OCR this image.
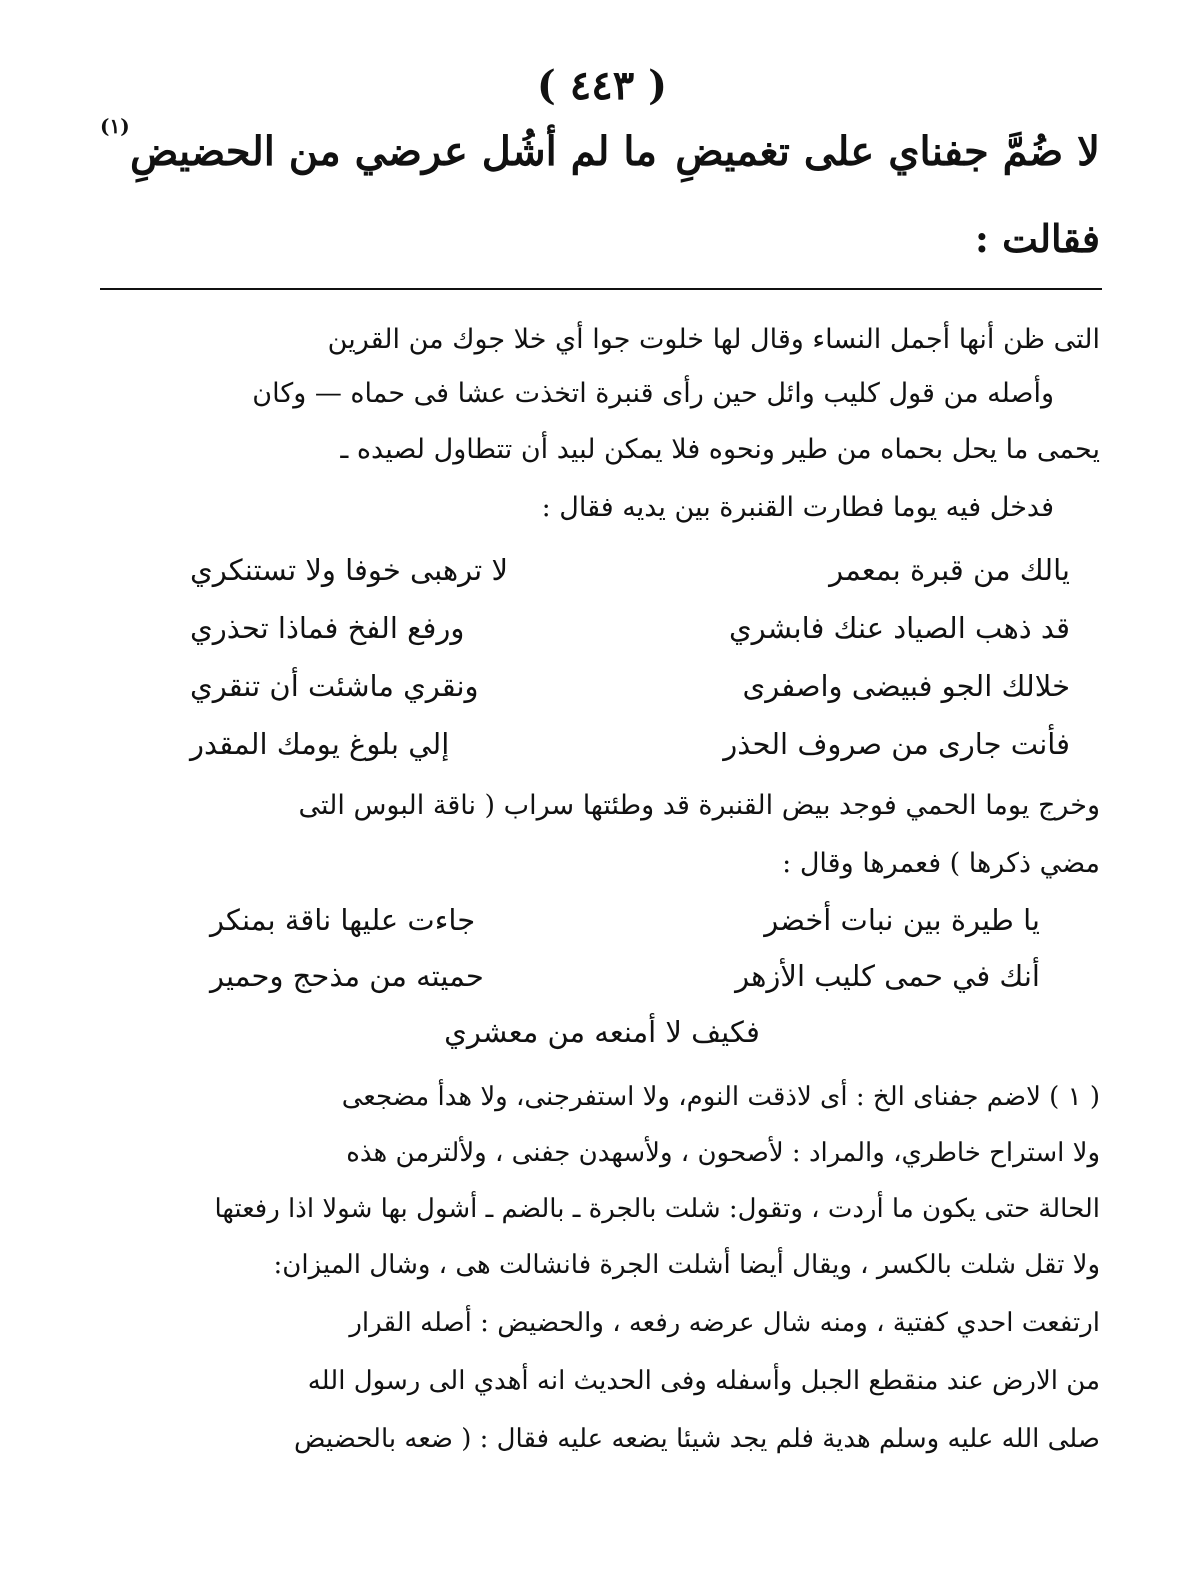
( ٤٤٣ )
لا ضُمَّ جفناي على تغميضِ
ما لم أشُل عرضي من الحضيضِ
(١)
فقالت :
التى ظن أنها أجمل النساء وقال لها خلوت جوا أي خلا جوك من القرين
وأصله من قول كليب وائل حين رأى قنبرة اتخذت عشا فى حماه — وكان
يحمى ما يحل بحماه من طير ونحوه فلا يمكن لبيد أن تتطاول لصيده ـ
فدخل فيه يوما فطارت القنبرة بين يديه فقال :
يالك من قبرة بمعمر
لا ترهبى خوفا ولا تستنكري
قد ذهب الصياد عنك فابشري
ورفع الفخ فماذا تحذري
خلالك الجو فبيضى واصفرى
ونقري ماشئت أن تنقري
فأنت جارى من صروف الحذر
إلي بلوغ يومك المقدر
وخرج يوما الحمي فوجد بيض القنبرة قد وطئتها سراب ( ناقة البوس التى
مضي ذكرها ) فعمرها وقال :
يا طيرة بين نبات أخضر
جاءت عليها ناقة بمنكر
أنك في حمى كليب الأزهر
حميته من مذحج وحمير
فكيف لا أمنعه من معشري
( ١ ) لاضم جفناى الخ : أى لاذقت النوم، ولا استفرجنى، ولا هدأ مضجعى
ولا استراح خاطري، والمراد : لأصحون ، ولأسهدن جفنى ، ولألترمن هذه
الحالة حتى يكون ما أردت ، وتقول: شلت بالجرة ـ بالضم ـ أشول بها شولا اذا رفعتها
ولا تقل شلت بالكسر ، ويقال أيضا أشلت الجرة فانشالت هى ، وشال الميزان:
ارتفعت احدي كفتية ، ومنه شال عرضه رفعه ، والحضيض : أصله القرار
من الارض عند منقطع الجبل وأسفله وفى الحديث انه أهدي الى رسول الله
صلى الله عليه وسلم هدية فلم يجد شيئا يضعه عليه فقال : ( ضعه بالحضيض
